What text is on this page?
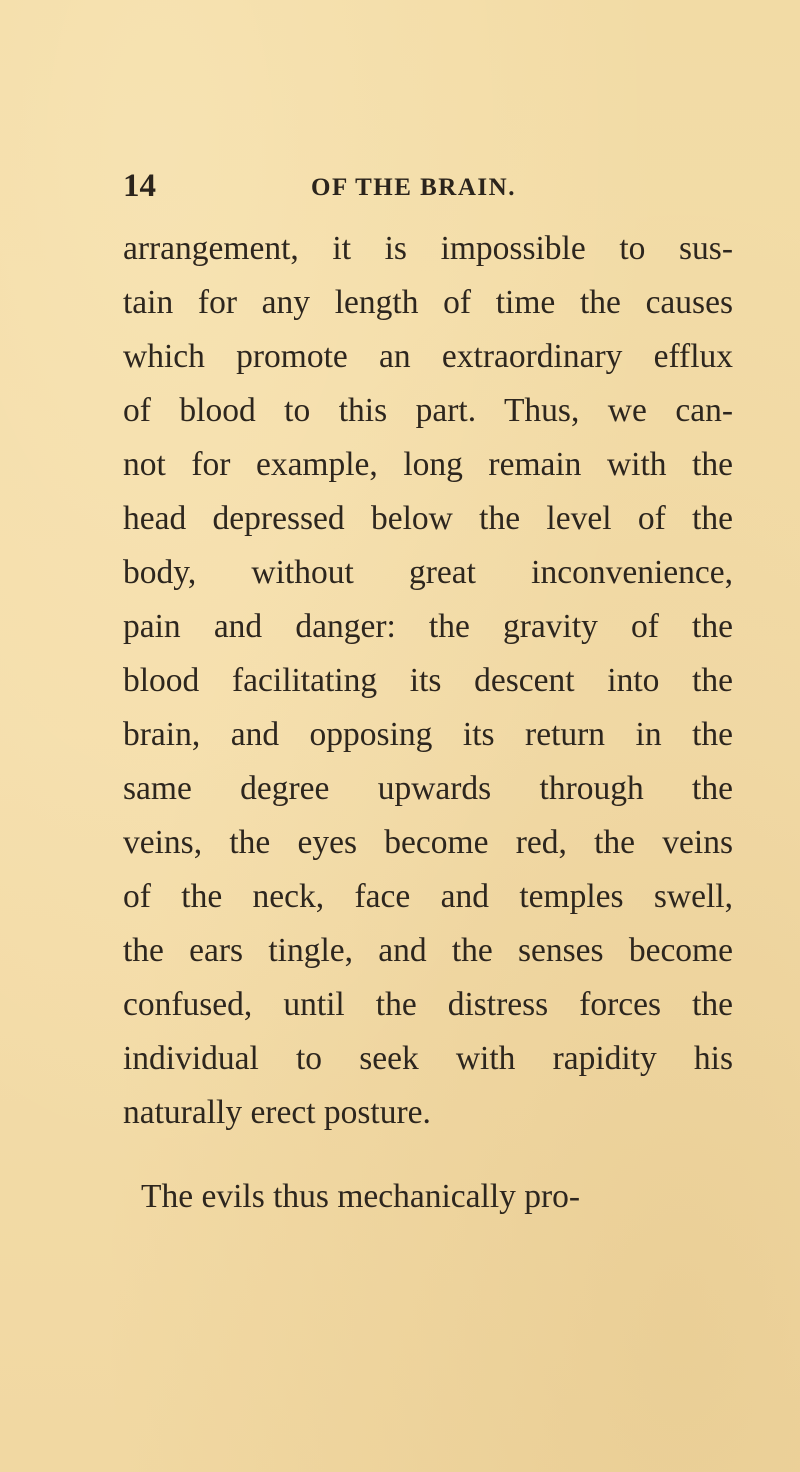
14	OF THE BRAIN.
arrangement, it is impossible to sus-
tain for any length of time the causes
which promote an extraordinary efflux
of blood to this part. Thus, we can-
not for example, long remain with the
head depressed below the level of the
body, without great inconvenience,
pain and danger: the gravity of the
blood facilitating its descent into the
brain, and opposing its return in the
same degree upwards through the
veins, the eyes become red, the veins
of the neck, face and temples swell,
the ears tingle, and the senses become
confused, until the distress forces the
individual to seek with rapidity his
naturally erect posture.
The evils thus mechanically pro-
